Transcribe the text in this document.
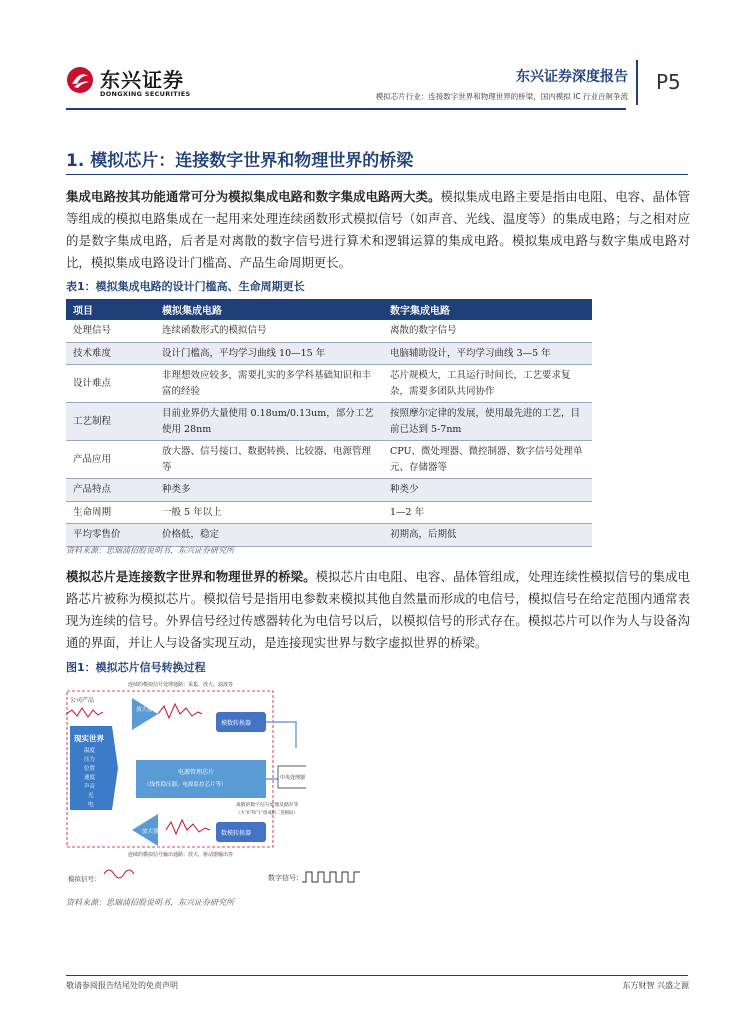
东兴证券
DONGXING SECURITIES
东兴证券深度报告
模拟芯片行业：连接数字世界和物理世界的桥梁，国内模拟 IC 行业百舸争流
P5
1. 模拟芯片：连接数字世界和物理世界的桥梁
集成电路按其功能通常可分为模拟集成电路和数字集成电路两大类。模拟集成电路主要是指由电阻、电容、晶体管等组成的模拟电路集成在一起用来处理连续函数形式模拟信号（如声音、光线、温度等）的集成电路；与之相对应的是数字集成电路，后者是对离散的数字信号进行算术和逻辑运算的集成电路。模拟集成电路与数字集成电路对比，模拟集成电路设计门槛高、产品生命周期更长。
表1：模拟集成电路的设计门槛高、生命周期更长
项目	模拟集成电路	数字集成电路
处理信号	连续函数形式的模拟信号	离散的数字信号
技术难度	设计门槛高，平均学习曲线 10—15 年	电脑辅助设计，平均学习曲线 3—5 年
设计难点	非理想效应较多，需要扎实的多学科基础知识和丰富的经验	芯片规模大，工具运行时间长，工艺要求复杂，需要多团队共同协作
工艺制程	目前业界仍大量使用 0.18um/0.13um，部分工艺使用 28nm	按照摩尔定律的发展，使用最先进的工艺，目前已达到 5-7nm
产品应用	放大器、信号接口、数据转换、比较器、电源管理等	CPU、微处理器、微控制器、数字信号处理单元、存储器等
产品特点	种类多	种类少
生命周期	一般 5 年以上	1—2 年
平均零售价	价格低，稳定	初期高，后期低
资料来源：思瑞浦招股说明书，东兴证券研究所
模拟芯片是连接数字世界和物理世界的桥梁。模拟芯片由电阻、电容、晶体管组成，处理连续性模拟信号的集成电路芯片被称为模拟芯片。模拟信号是指用电参数来模拟其他自然量而形成的电信号，模拟信号在给定范围内通常表现为连续的信号。外界信号经过传感器转化为电信号以后，以模拟信号的形式存在。模拟芯片可以作为人与设备沟通的界面，并让人与设备实现互动，是连接现实世界与数字虚拟世界的桥梁。
图1：模拟芯片信号转换过程
连续的模拟信号处理通路：采集、放大、滤波等
公司产品
现实世界
温度
压力
位置
速度
声音
光
电
放大器
模数转换器
电源管理芯片
（线性稳压器、电源监控芯片等）
中央处理器
离散的数字信号处理及储存等
（为“0”和“1”组成的二进制码）
数模转换器
放大器
连续的模拟信号输出通路：放大、驱动器输出等
模拟信号：	数字信号：
资料来源：思瑞浦招股说明书，东兴证券研究所
敬请参阅报告结尾处的免责声明	东方财智 兴盛之源
